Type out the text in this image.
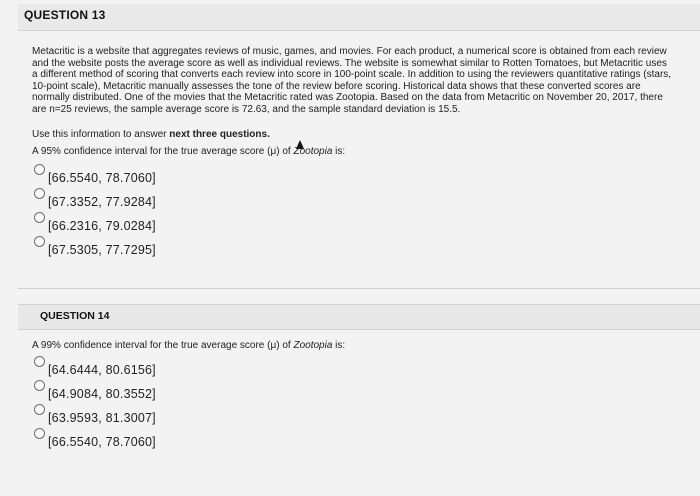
QUESTION 13

Metacritic is a website that aggregates reviews of music, games, and movies. For each product, a numerical score is obtained from each review and the website posts the average score as well as individual reviews. The website is somewhat similar to Rotten Tomatoes, but Metacritic uses a different method of scoring that converts each review into score in 100-point scale. In addition to using the reviewers quantitative ratings (stars, 10-point scale), Metacritic manually assesses the tone of the review before scoring. Historical data shows that these converted scores are normally distributed. One of the movies that the Metacritic rated was Zootopia. Based on the data from Metacritic on November 20, 2017, there are n=25 reviews, the sample average score is 72.63, and the sample standard deviation is 15.5.

Use this information to answer next three questions.
A 95% confidence interval for the true average score (μ) of Zootopia is:
[66.5540, 78.7060]
[67.3352, 77.9284]
[66.2316, 79.0284]
[67.5305, 77.7295]
QUESTION 14
A 99% confidence interval for the true average score (μ) of Zootopia is:
[64.6444, 80.6156]
[64.9084, 80.3552]
[63.9593, 81.3007]
[66.5540, 78.7060]
